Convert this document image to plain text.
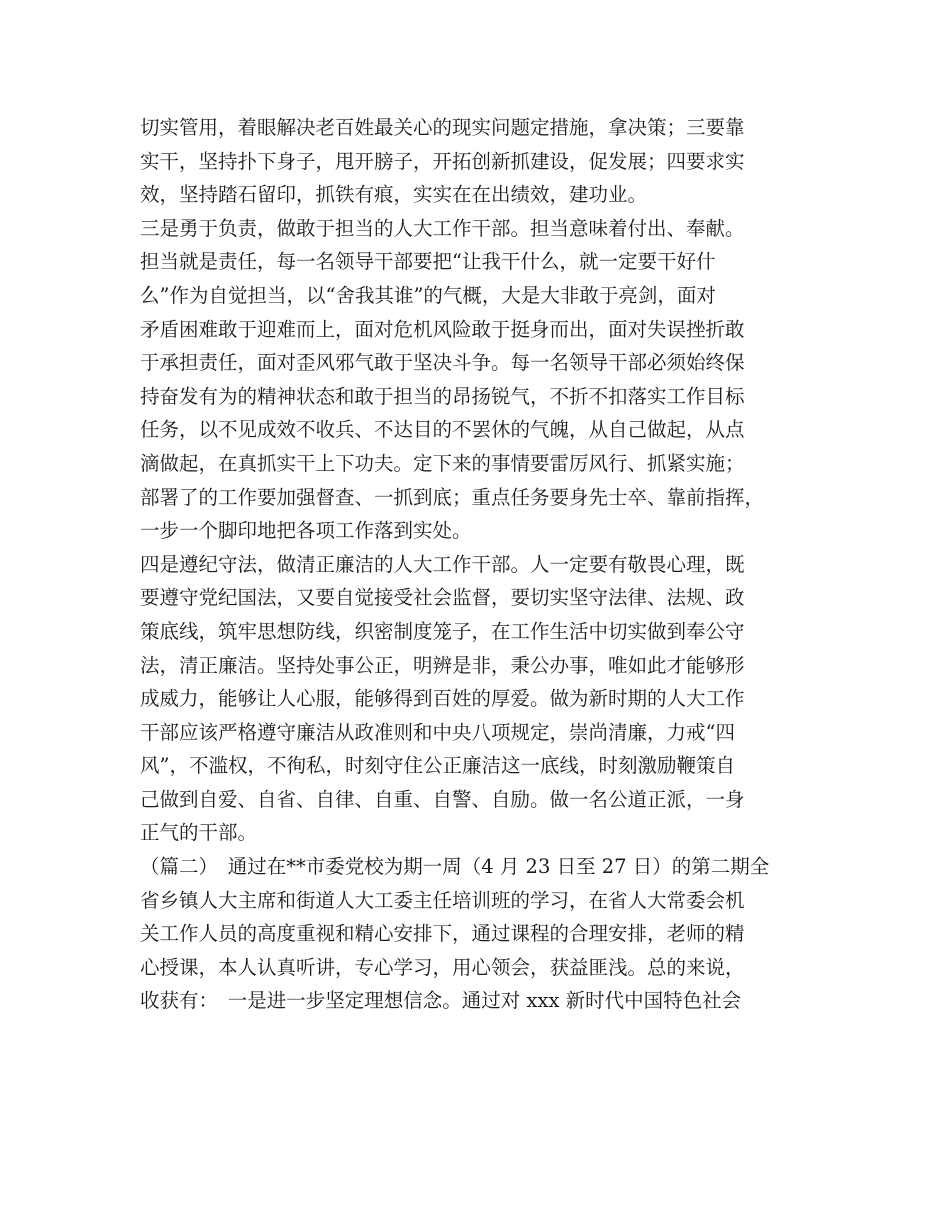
切实管用，着眼解决老百姓最关心的现实问题定措施，拿决策；三要靠
实干，坚持扑下身子，甩开膀子，开拓创新抓建设，促发展；四要求实
效，坚持踏石留印，抓铁有痕，实实在在出绩效，建功业。
三是勇于负责，做敢于担当的人大工作干部。担当意味着付出、奉献。
担当就是责任，每一名领导干部要把“让我干什么，就一定要干好什
么”作为自觉担当，以“舍我其谁”的气概，大是大非敢于亮剑，面对
矛盾困难敢于迎难而上，面对危机风险敢于挺身而出，面对失误挫折敢
于承担责任，面对歪风邪气敢于坚决斗争。每一名领导干部必须始终保
持奋发有为的精神状态和敢于担当的昂扬锐气，不折不扣落实工作目标
任务，以不见成效不收兵、不达目的不罢休的气魄，从自己做起，从点
滴做起，在真抓实干上下功夫。定下来的事情要雷厉风行、抓紧实施；
部署了的工作要加强督查、一抓到底；重点任务要身先士卒、靠前指挥，
一步一个脚印地把各项工作落到实处。
四是遵纪守法，做清正廉洁的人大工作干部。人一定要有敬畏心理，既
要遵守党纪国法，又要自觉接受社会监督，要切实坚守法律、法规、政
策底线，筑牢思想防线，织密制度笼子，在工作生活中切实做到奉公守
法，清正廉洁。坚持处事公正，明辨是非，秉公办事，唯如此才能够形
成威力，能够让人心服，能够得到百姓的厚爱。做为新时期的人大工作
干部应该严格遵守廉洁从政准则和中央八项规定，崇尚清廉，力戒“四
风”，不滥权，不徇私，时刻守住公正廉洁这一底线，时刻激励鞭策自
己做到自爱、自省、自律、自重、自警、自励。做一名公道正派，一身
正气的干部。
（篇二）　通过在**市委党校为期一周（4 月 23 日至 27 日）的第二期全
省乡镇人大主席和街道人大工委主任培训班的学习，在省人大常委会机
关工作人员的高度重视和精心安排下，通过课程的合理安排，老师的精
心授课，本人认真听讲，专心学习，用心领会，获益匪浅。总的来说，
收获有：　一是进一步坚定理想信念。通过对 xxx 新时代中国特色社会
